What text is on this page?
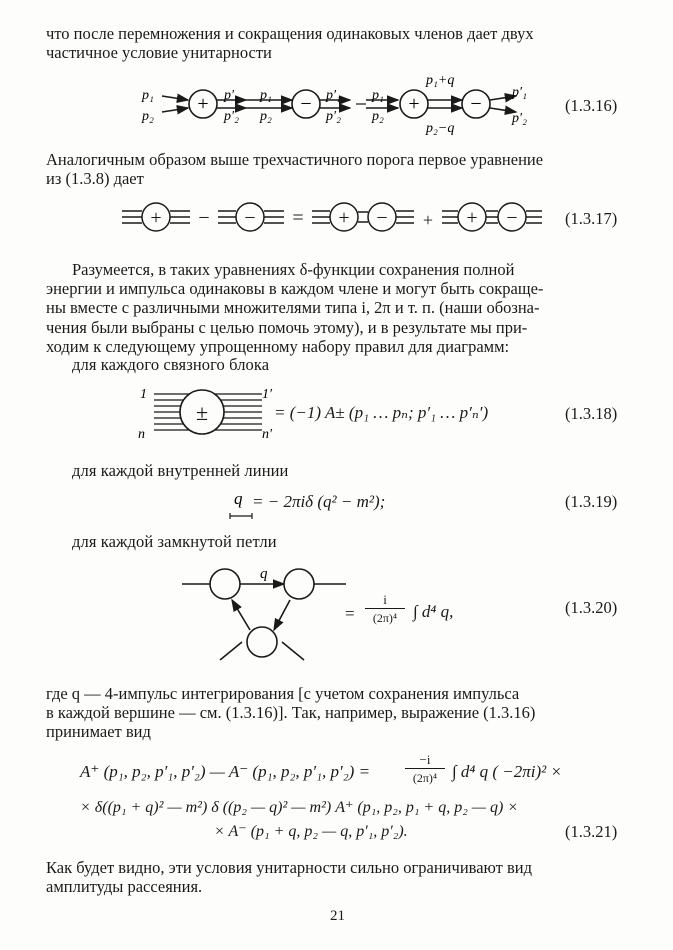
что после перемножения и сокращения одинаковых членов дает двух
частичное условие унитарности
+	−	+	−
p₁
p₂
p′₁
p′₂
p₁
p₂
p′₁
p′₂
p₁
p₂
p₁+q
p₂−q
p′₁
p′₂
(1.3.16)
Аналогичным образом выше трехчастичного порога первое уравнение
из (1.3.8) дает
+	−	+ −	+ −
−	=	+	(1.3.17)
Разумеется, в таких уравнениях δ-функции сохранения полной
энергии и импульса одинаковы в каждом члене и могут быть сокраще-
ны вместе с различными множителями типа i, 2π и т. п. (наши обозна-
чения были выбраны с целью помочь этому), и в результате мы при-
ходим к следующему упрощенному набору правил для диаграмм:
для каждого связного блока
±
1
n
1′
n′
= (−1) A± (p₁ … pₙ; p′₁ … p′ₙ′)	(1.3.18)
для каждой внутренней линии
q = − 2πiδ (q² − m²);	(1.3.19)
для каждой замкнутой петли
q
= $\frac{i}{\text{(2π)⁴}}$ ∫ d⁴ q,	(1.3.20)
где q — 4-импульс интегрирования [с учетом сохранения импульса
в каждой вершине — см. (1.3.16)]. Так, например, выражение (1.3.16)
принимает вид
A⁺ (p₁, p₂, p′₁, p′₂) — A⁻ (p₁, p₂, p′₁, p′₂) =	$\frac{-i}{\text{(2π)⁴}}$ ∫ d⁴ q ( −2πi)² ×
× δ((p₁ + q)² — m²) δ ((p₂ — q)² — m²) A⁺ (p₁, p₂, p₁ + q, p₂ — q) ×
× A⁻ (p₁ + q, p₂ — q, p′₁, p′₂).	(1.3.21)
Как будет видно, эти условия унитарности сильно ограничивают вид
амплитуды рассеяния.
21
